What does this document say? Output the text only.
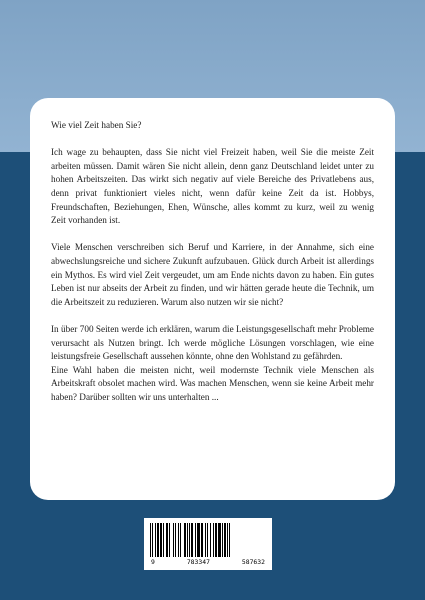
Wie viel Zeit haben Sie?

Ich wage zu behaupten, dass Sie nicht viel Freizeit haben, weil Sie die meiste Zeit arbeiten müssen. Damit wären Sie nicht allein, denn ganz Deutschland leidet unter zu hohen Arbeitszeiten. Das wirkt sich negativ auf viele Bereiche des Privatlebens aus, denn privat funktioniert vieles nicht, wenn dafür keine Zeit da ist. Hobbys, Freundschaften, Beziehungen, Ehen, Wünsche, alles kommt zu kurz, weil zu wenig Zeit vorhanden ist.

Viele Menschen verschreiben sich Beruf und Karriere, in der Annahme, sich eine abwechslungsreiche und sichere Zukunft aufzubauen. Glück durch Arbeit ist allerdings ein Mythos. Es wird viel Zeit vergeudet, um am Ende nichts davon zu haben. Ein gutes Leben ist nur abseits der Arbeit zu finden, und wir hätten gerade heute die Technik, um die Arbeitszeit zu reduzieren. Warum also nutzen wir sie nicht?

In über 700 Seiten werde ich erklären, warum die Leistungsgesellschaft mehr Probleme verursacht als Nutzen bringt. Ich werde mögliche Lösungen vorschlagen, wie eine leistungsfreie Gesellschaft aussehen könnte, ohne den Wohlstand zu gefährden.

Eine Wahl haben die meisten nicht, weil modernste Technik viele Menschen als Arbeitskraft obsolet machen wird. Was machen Menschen, wenn sie keine Arbeit mehr haben? Darüber sollten wir uns unterhalten ...

9	783347	587632
